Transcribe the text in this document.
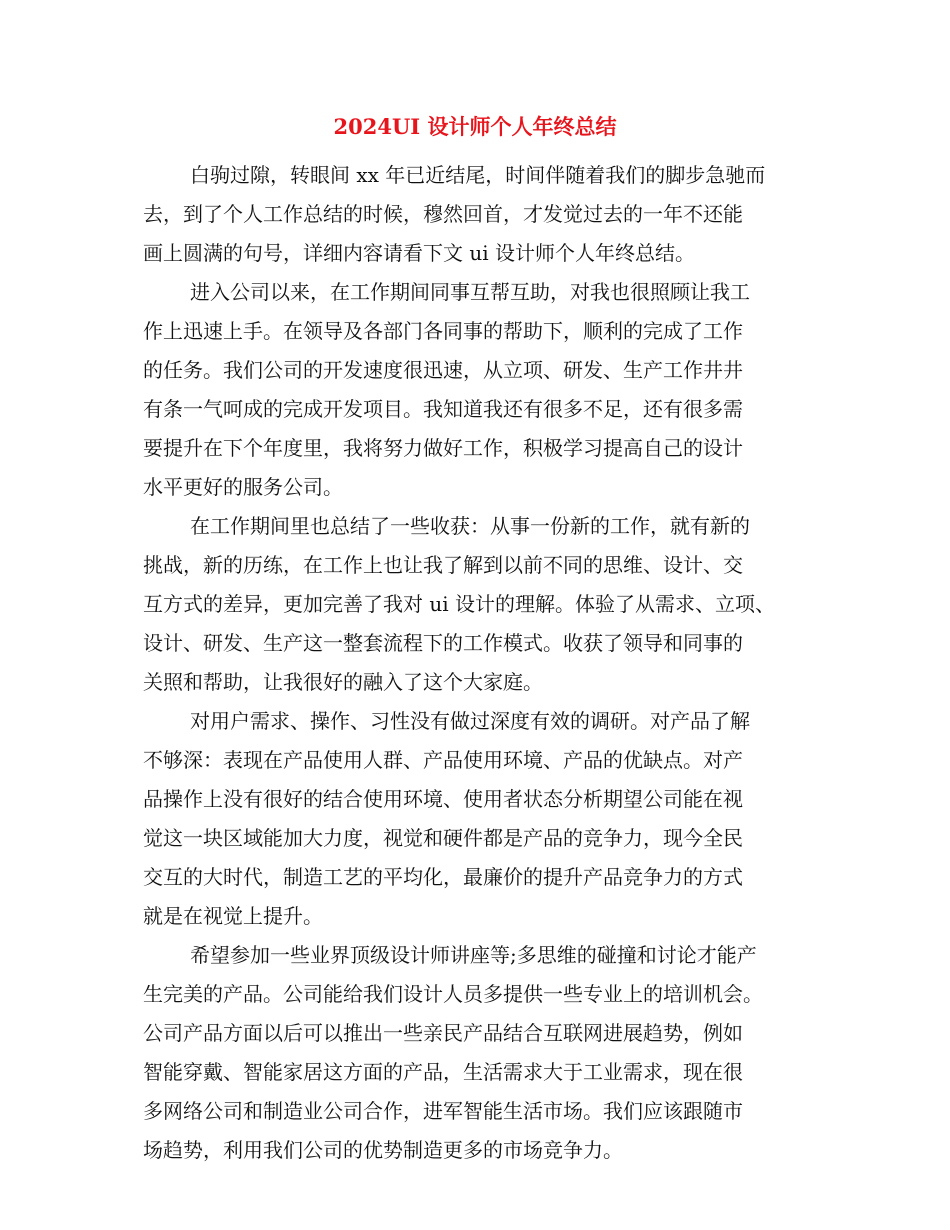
2024UI 设计师个人年终总结

白驹过隙，转眼间 xx 年已近结尾，时间伴随着我们的脚步急驰而

去，到了个人工作总结的时候，穆然回首，才发觉过去的一年不还能

画上圆满的句号，详细内容请看下文 ui 设计师个人年终总结。

进入公司以来，在工作期间同事互帮互助，对我也很照顾让我工

作上迅速上手。在领导及各部门各同事的帮助下，顺利的完成了工作

的任务。我们公司的开发速度很迅速，从立项、研发、生产工作井井

有条一气呵成的完成开发项目。我知道我还有很多不足，还有很多需

要提升在下个年度里，我将努力做好工作，积极学习提高自己的设计

水平更好的服务公司。

在工作期间里也总结了一些收获：从事一份新的工作，就有新的

挑战，新的历练，在工作上也让我了解到以前不同的思维、设计、交

互方式的差异，更加完善了我对 ui 设计的理解。体验了从需求、立项、

设计、研发、生产这一整套流程下的工作模式。收获了领导和同事的

关照和帮助，让我很好的融入了这个大家庭。

对用户需求、操作、习性没有做过深度有效的调研。对产品了解

不够深：表现在产品使用人群、产品使用环境、产品的优缺点。对产

品操作上没有很好的结合使用环境、使用者状态分析期望公司能在视

觉这一块区域能加大力度，视觉和硬件都是产品的竞争力，现今全民

交互的大时代，制造工艺的平均化，最廉价的提升产品竞争力的方式

就是在视觉上提升。

希望参加一些业界顶级设计师讲座等;多思维的碰撞和讨论才能产

生完美的产品。公司能给我们设计人员多提供一些专业上的培训机会。

公司产品方面以后可以推出一些亲民产品结合互联网进展趋势，例如

智能穿戴、智能家居这方面的产品，生活需求大于工业需求，现在很

多网络公司和制造业公司合作，进军智能生活市场。我们应该跟随市

场趋势，利用我们公司的优势制造更多的市场竞争力。
